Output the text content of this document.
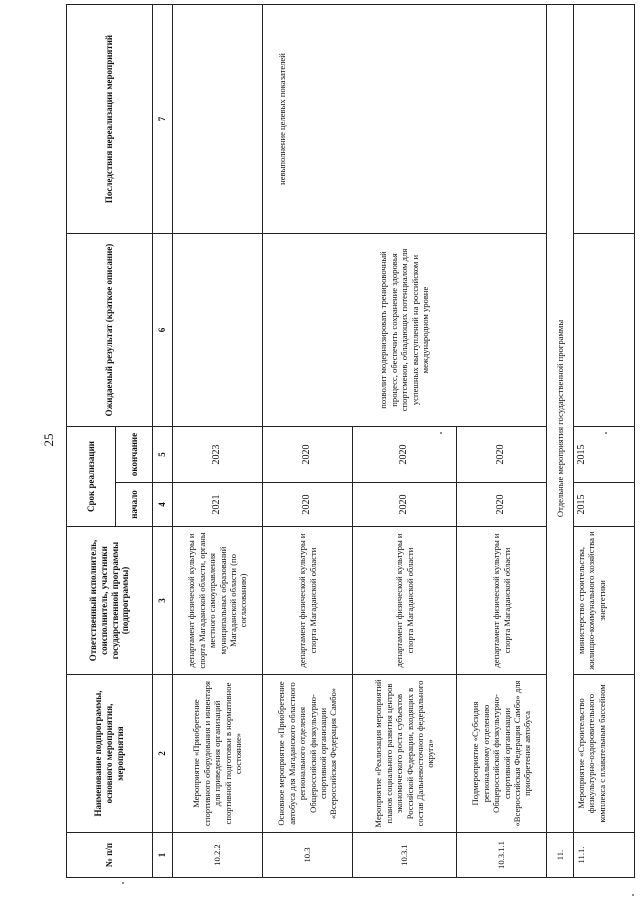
25
№ п/п	Наименование подпрограммы, основного мероприятия, мероприятия	Ответственный исполнитель, соисполнитель, участники государственной программы (подпрограммы)	Срок реализации		Ожидаемый результат (краткое описание)	Последствия нереализации мероприятий
			начало	окончание		
1	2	3	4	5	6	7
10.2.2	Мероприятие «Приобретение спортивного оборудования и инвентаря для приведения организаций спортивной подготовки в нормативное состояние»	департамент физической культуры и спорта Магаданской области, органы местного самоуправления муниципальных образований Магаданской области (по согласованию)	2021	2023		
10.3	Основное мероприятие «Приобретение автобуса для Магаданского областного регионального отделения Общероссийской физкультурно-спортивной организации «Всероссийская Федерация Самбо»	департамент физической культуры и спорта Магаданской области	2020	2020	позволит модернизировать тренировочный процесс, обеспечить сохранение здоровья спортсменов, обладающих потенциалом для успешных выступлений на российском и международном уровне	невыполнение целевых показателей

10.3.1	Мероприятие «Реализация мероприятий планов социального развития центров экономического роста субъектов Российской Федерации, входящих в состав Дальневосточного федерального округа»	департамент физической культуры и спорта Магаданской области	2020	2020		
10.3.1.1	Подмероприятие «Субсидия региональному отделению Общероссийской физкультурно-спортивной организации «Всероссийская Федерация Самбо» для приобретения автобуса	департамент физической культуры и спорта Магаданской области	2020	2020		
11.	Отдельные мероприятия государственной программы					
11.1.	Мероприятие «Строительство физкультурно-оздоровительного комплекса с плавательным бассейном	министерство строительства, жилищно-коммунального хозяйства и энергетики	2015	2015		
